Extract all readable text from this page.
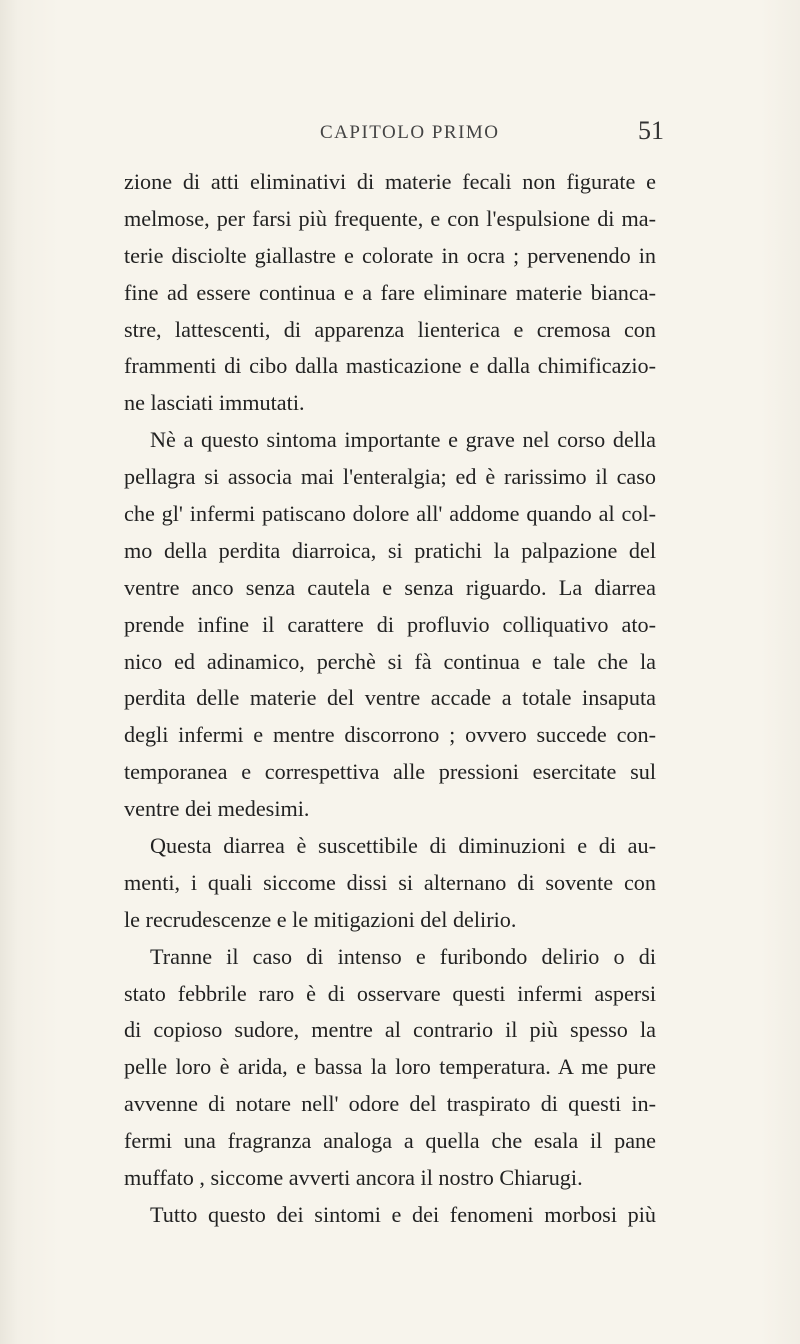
CAPITOLO PRIMO	51
zione di atti eliminativi di materie fecali non figurate e
melmose, per farsi più frequente, e con l'espulsione di ma-
terie disciolte giallastre e colorate in ocra ; pervenendo in
fine ad essere continua e a fare eliminare materie bianca-
stre, lattescenti, di apparenza lienterica e cremosa con
frammenti di cibo dalla masticazione e dalla chimificazio-
ne lasciati immutati.
Nè a questo sintoma importante e grave nel corso della
pellagra si associa mai l'enteralgia; ed è rarissimo il caso
che gl' infermi patiscano dolore all' addome quando al col-
mo della perdita diarroica, si pratichi la palpazione del
ventre anco senza cautela e senza riguardo. La diarrea
prende infine il carattere di profluvio colliquativo ato-
nico ed adinamico, perchè si fà continua e tale che la
perdita delle materie del ventre accade a totale insaputa
degli infermi e mentre discorrono ; ovvero succede con-
temporanea e correspettiva alle pressioni esercitate sul
ventre dei medesimi.
Questa diarrea è suscettibile di diminuzioni e di au-
menti, i quali siccome dissi si alternano di sovente con
le recrudescenze e le mitigazioni del delirio.
Tranne il caso di intenso e furibondo delirio o di
stato febbrile raro è di osservare questi infermi aspersi
di copioso sudore, mentre al contrario il più spesso la
pelle loro è arida, e bassa la loro temperatura. A me pure
avvenne di notare nell' odore del traspirato di questi in-
fermi una fragranza analoga a quella che esala il pane
muffato , siccome avverti ancora il nostro Chiarugi.
Tutto questo dei sintomi e dei fenomeni morbosi più
